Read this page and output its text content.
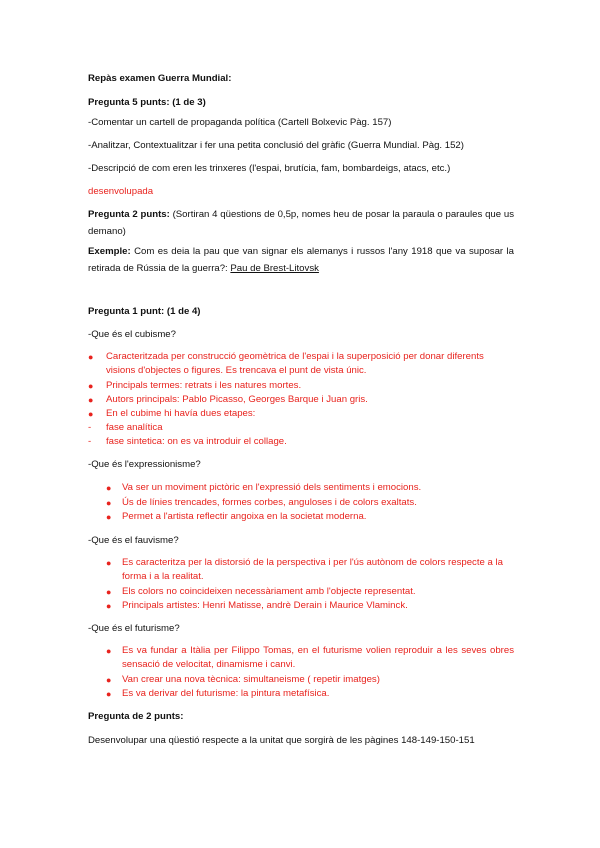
Repàs examen Guerra Mundial:
Pregunta 5 punts: (1 de 3)
-Comentar un cartell de propaganda política (Cartell Bolxevic Pàg. 157)
-Analitzar, Contextualitzar i fer una petita conclusió del gràfic (Guerra Mundial. Pàg. 152)
-Descripció de com eren les trinxeres (l'espai, brutícia, fam, bombardeigs, atacs, etc.)
desenvolupada
Pregunta 2 punts: (Sortiran 4 qüestions de 0,5p, nomes heu de posar la paraula o paraules que us demano)
Exemple: Com es deia la pau que van signar els alemanys i russos l'any 1918 que va suposar la retirada de Rússia de la guerra?: Pau de Brest-Litovsk
Pregunta 1 punt: (1 de 4)
-Que és el cubisme?
● Caracteritzada per construcció geomètrica de l'espai i la superposició per donar diferents visions d'objectes o figures. Es trencava el punt de vista únic.
● Principals termes: retrats i les natures mortes.
● Autors principals: Pablo Picasso, Georges Barque i Juan gris.
● En el cubime hi havía dues etapes:
- fase analítica
- fase sintetica: on es va introduir el collage.
-Que és l'expressionisme?
● Va ser un moviment pictòric en l'expressió dels sentiments i emocions.
● Ús de línies trencades, formes corbes, anguloses i de colors exaltats.
● Permet a l'artista reflectir angoixa en la societat moderna.
-Que és el fauvisme?
● Es caracteritza per la distorsió de la perspectiva i per l'ús autònom de colors respecte a la forma i a la realitat.
● Els colors no coincideixen necessàriament amb l'objecte representat.
● Principals artistes: Henri Matisse, andrè Derain i Maurice Vlaminck.
-Que és el futurisme?
● Es va fundar a Itàlia per Filippo Tomas, en el futurisme volien reproduir a les seves obres sensació de velocitat, dinamisme i canvi.
● Van crear una nova tècnica: simultaneisme ( repetir imatges)
● Es va derivar del futurisme: la pintura metafísica.
Pregunta de 2 punts:
Desenvolupar una qüestió respecte a la unitat que sorgirà de les pàgines 148-149-150-151
